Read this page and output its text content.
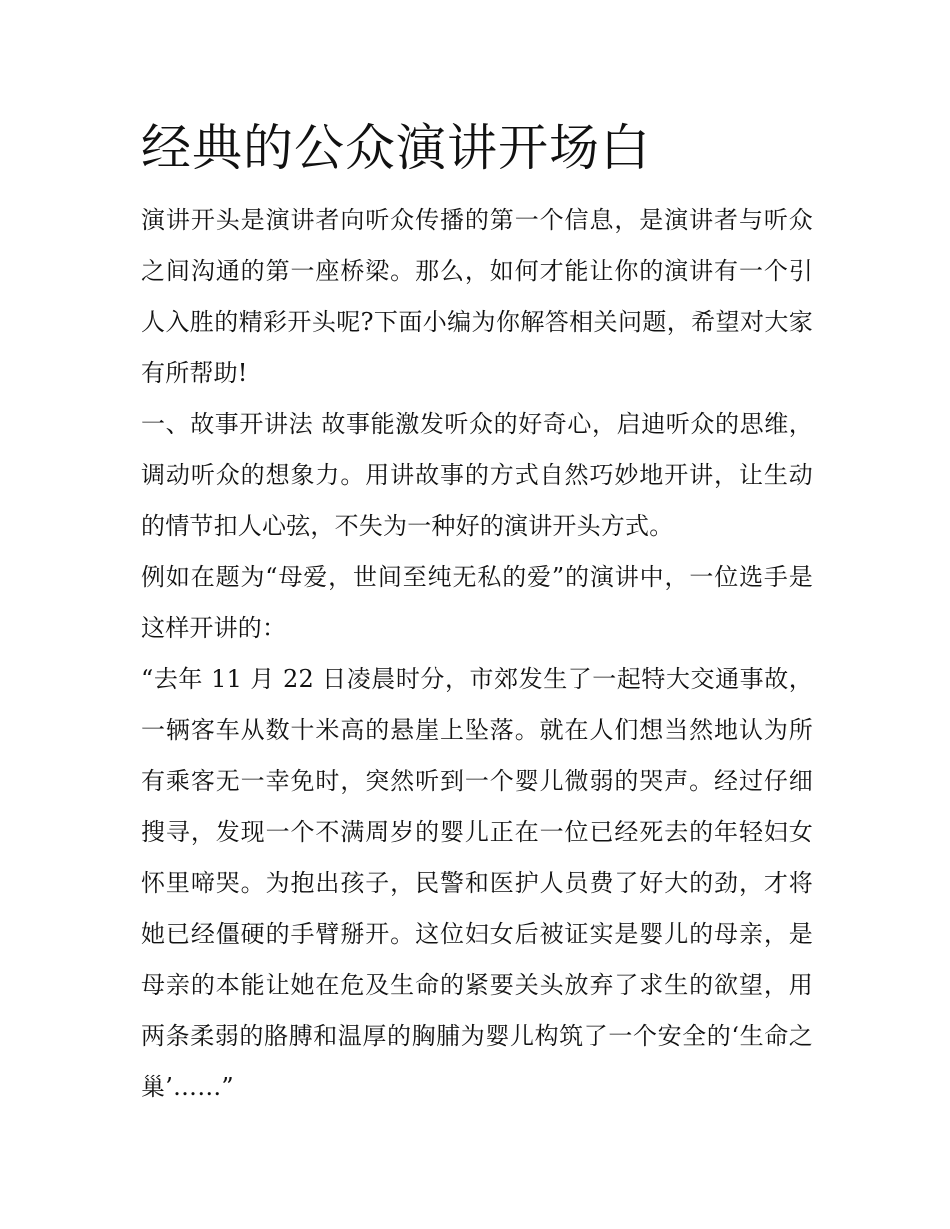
经典的公众演讲开场白

演讲开头是演讲者向听众传播的第一个信息，是演讲者与听众之间沟通的第一座桥梁。那么，如何才能让你的演讲有一个引人入胜的精彩开头呢?下面小编为你解答相关问题，希望对大家有所帮助!

一、故事开讲法 故事能激发听众的好奇心，启迪听众的思维，调动听众的想象力。用讲故事的方式自然巧妙地开讲，让生动的情节扣人心弦，不失为一种好的演讲开头方式。

例如在题为“母爱，世间至纯无私的爱”的演讲中，一位选手是这样开讲的：

“去年 11 月 22 日凌晨时分，市郊发生了一起特大交通事故，一辆客车从数十米高的悬崖上坠落。就在人们想当然地认为所有乘客无一幸免时，突然听到一个婴儿微弱的哭声。经过仔细搜寻，发现一个不满周岁的婴儿正在一位已经死去的年轻妇女怀里啼哭。为抱出孩子，民警和医护人员费了好大的劲，才将她已经僵硬的手臂掰开。这位妇女后被证实是婴儿的母亲，是母亲的本能让她在危及生命的紧要关头放弃了求生的欲望，用两条柔弱的胳膊和温厚的胸脯为婴儿构筑了一个安全的‘生命之巢’……”
